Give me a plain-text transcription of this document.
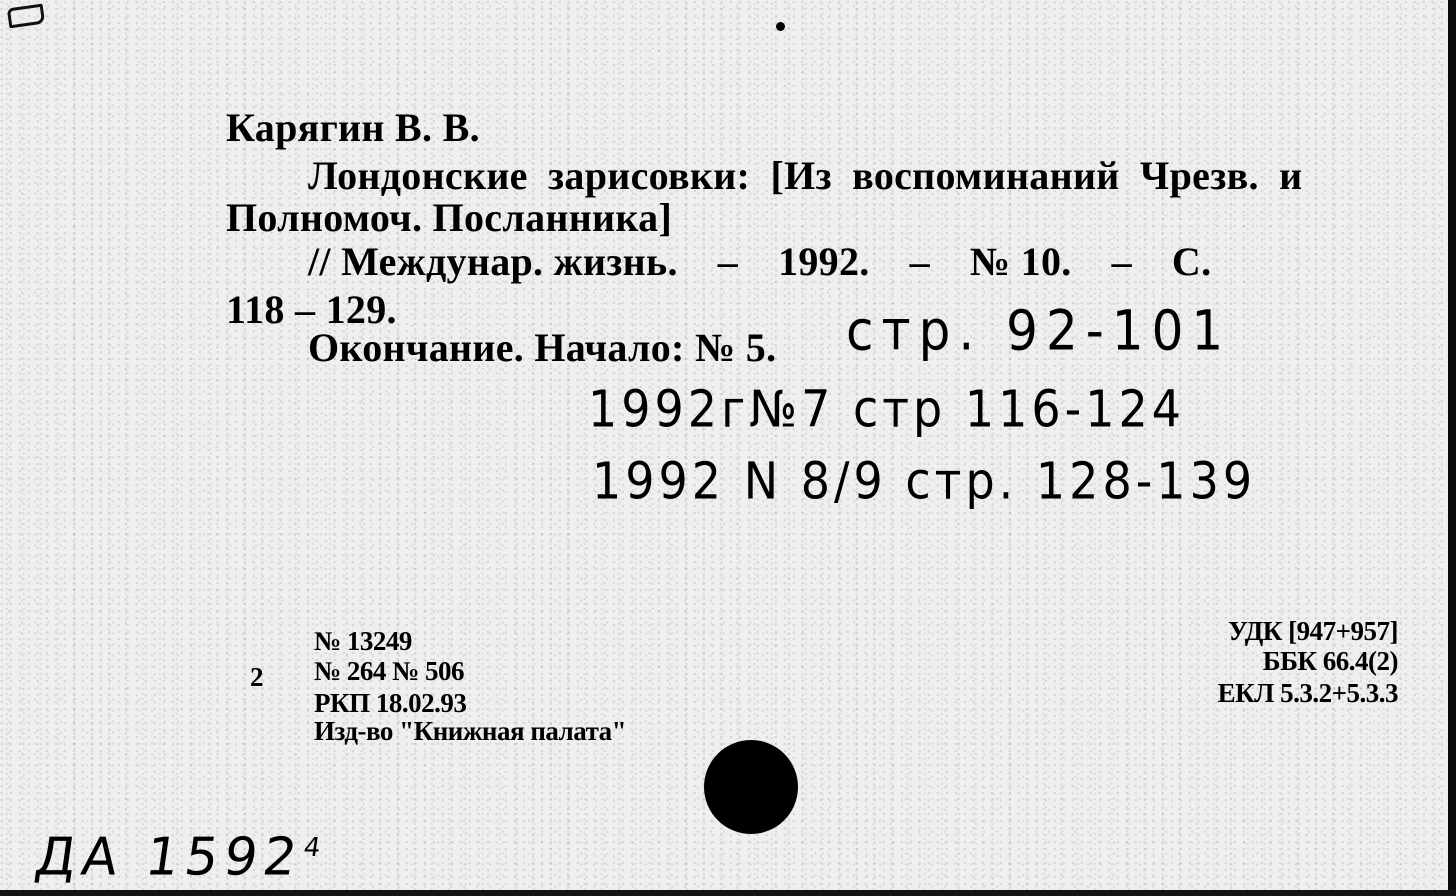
Карягин В. В.
Лондонские зарисовки: [Из воспоминаний Чрезв. и
Полномоч. Посланника]
// Междунар. жизнь. – 1992. – № 10. – С.
118 – 129.
Окончание. Начало: № 5. стр. 92-101
1992г№7 стр 116-124
1992 N 8/9 стр. 128-139
2
№ 13249
№ 264 № 506
РКП 18.02.93
Изд-во "Книжная палата"
УДК [947+957]
ББК 66.4(2)
ЕКЛ 5.3.2+5.3.3
ДА 1592$^4$
